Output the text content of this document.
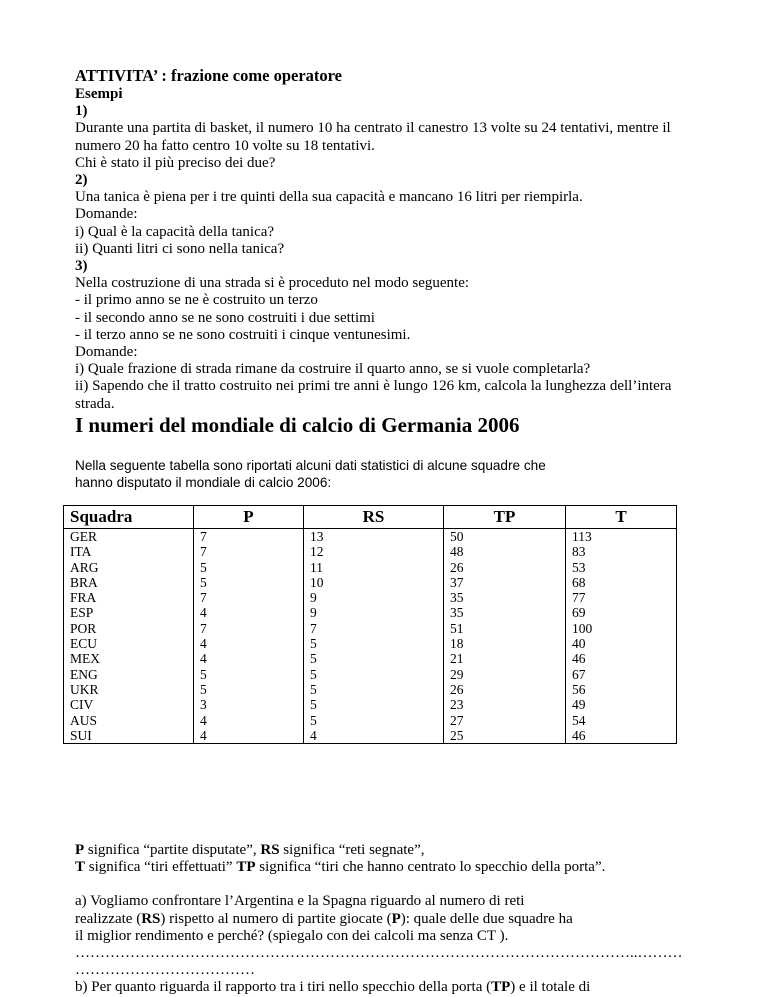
ATTIVITA’ : frazione come operatore

Esempi

1)

Durante una partita di basket, il numero 10 ha centrato il canestro 13 volte su 24 tentativi, mentre il

numero 20 ha fatto centro 10 volte su 18 tentativi.

Chi è stato il più preciso dei due?

2)

Una tanica è piena per i tre quinti della sua capacità e mancano 16 litri per riempirla.

Domande:

i) Qual è la capacità della tanica?

ii) Quanti litri ci sono nella tanica?

3)

Nella costruzione di una strada si è proceduto nel modo seguente:

- il primo anno se ne è costruito un terzo

- il secondo anno se ne sono costruiti i due settimi

- il terzo anno se ne sono costruiti i cinque ventunesimi.

Domande:

i) Quale frazione di strada rimane da costruire il quarto anno, se si vuole completarla?

ii) Sapendo che il tratto costruito nei primi tre anni è lungo 126 km, calcola la lunghezza dell’intera

strada.

I numeri del mondiale di calcio di Germania 2006
Nella seguente tabella sono riportati alcuni dati statistici di alcune squadre che
hanno disputato il mondiale di calcio 2006:
Squadra	P	RS	TP	T
GER	7	13	50	113
ITA	7	12	48	83
ARG	5	11	26	53
BRA	5	10	37	68
FRA	7	9	35	77
ESP	4	9	35	69
POR	7	7	51	100
ECU	4	5	18	40
MEX	4	5	21	46
ENG	5	5	29	67
UKR	5	5	26	56
CIV	3	5	23	49
AUS	4	5	27	54
SUI	4	4	25	46

P significa “partite disputate”, RS significa “reti segnate”,

T significa “tiri effettuati” TP significa “tiri che hanno centrato lo specchio della porta”.

a) Vogliamo confrontare l’Argentina e la Spagna riguardo al numero di reti

realizzate (RS) rispetto al numero di partite giocate (P): quale delle due squadre ha

il miglior rendimento e perché? (spiegalo con dei calcoli ma senza CT ).

…………………………………………………………………………………………………..………

………………………………

b) Per quanto riguarda il rapporto tra i tiri nello specchio della porta (TP) e il totale di
